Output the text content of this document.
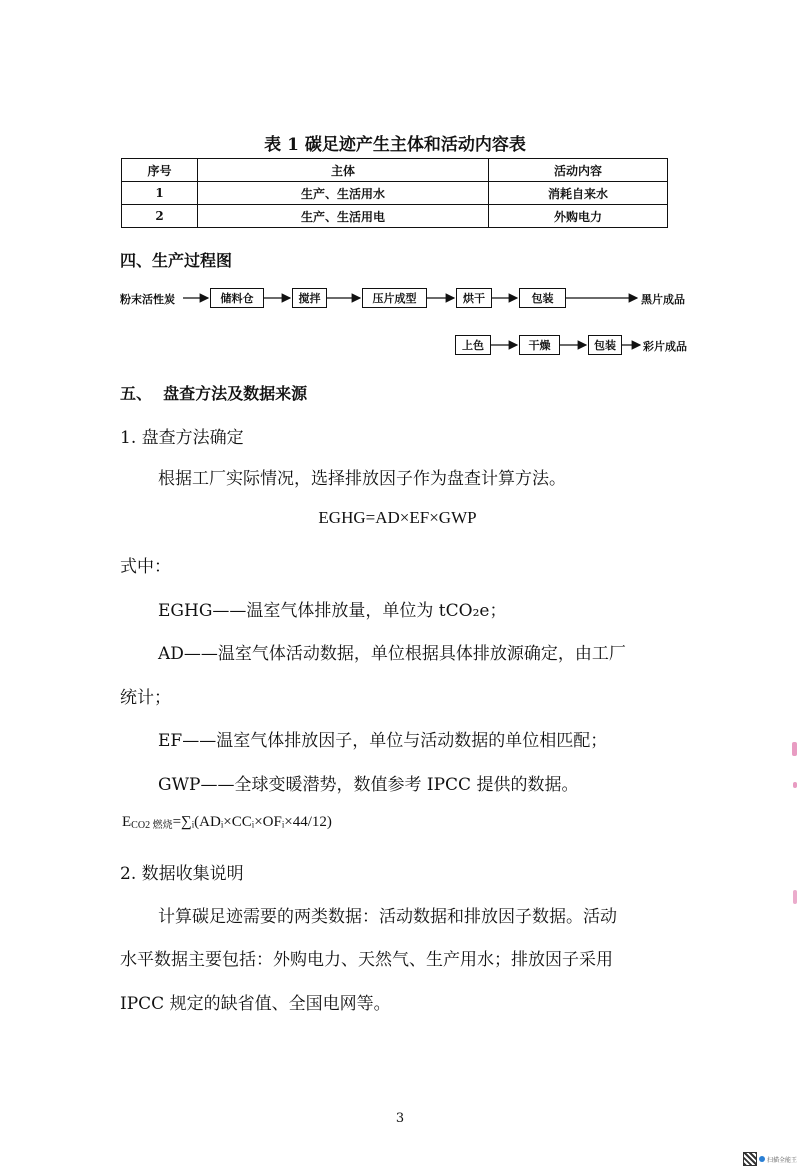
表 1 碳足迹产生主体和活动内容表
序号	主体	活动内容
1	生产、生活用水	消耗自来水
2	生产、生活用电	外购电力
四、生产过程图
粉末活性炭	储料仓	搅拌	压片成型	烘干	包装	黑片成品
上色	干燥	包装	彩片成品
五、  盘查方法及数据来源
1. 盘查方法确定
根据工厂实际情况，选择排放因子作为盘查计算方法。
EGHG=AD×EF×GWP
式中：
EGHG——温室气体排放量，单位为 tCO₂e；
AD——温室气体活动数据，单位根据具体排放源确定，由工厂
统计；
EF——温室气体排放因子，单位与活动数据的单位相匹配；
GWP——全球变暖潜势，数值参考 IPCC 提供的数据。
ECO2 燃烧=∑ᵢ(ADᵢ×CCᵢ×OFᵢ×44/12)
2. 数据收集说明
计算碳足迹需要的两类数据：活动数据和排放因子数据。活动
水平数据主要包括：外购电力、天然气、生产用水；排放因子采用
IPCC 规定的缺省值、全国电网等。
3
扫描全能王
